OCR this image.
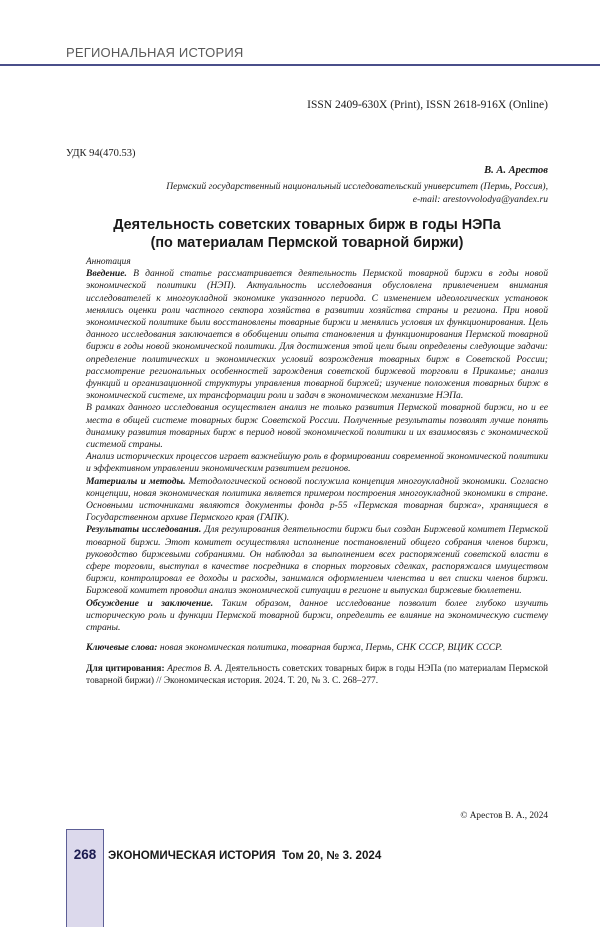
РЕГИОНАЛЬНАЯ ИСТОРИЯ
ISSN 2409-630X (Print), ISSN 2618-916X (Online)
УДК 94(470.53)
В. А. Арестов
Пермский государственный национальный исследовательский университет (Пермь, Россия),
e-mail: arestovvolodya@yandex.ru
Деятельность советских товарных бирж в годы НЭПа
(по материалам Пермской товарной биржи)
Аннотация

Введение. В данной статье рассматривается деятельность Пермской товарной биржи в годы новой экономической политики (НЭП). Актуальность исследования обусловлена привлечением внимания исследователей к многоукладной экономике указанного периода. С изменением идеологических установок менялись оценки роли частного сектора хозяйства в развитии хозяйства страны и региона. При новой экономической политике были восстановлены товарные биржи и менялись условия их функционирования. Цель данного исследования заключается в обобщении опыта становления и функционирования Пермской товарной биржи в годы новой экономической политики. Для достижения этой цели были определены следующие задачи: определение политических и экономических условий возрождения товарных бирж в Советской России; рассмотрение региональных особенностей зарождения советской биржевой торговли в Прикамье; анализ функций и организационной структуры управления товарной биржей; изучение положения товарных бирж в экономической системе, их трансформации роли и задач в экономическом механизме НЭПа.

В рамках данного исследования осуществлен анализ не только развития Пермской товарной биржи, но и ее места в общей системе товарных бирж Советской России. Полученные результаты позволят лучше понять динамику развития товарных бирж в период новой экономической политики и их взаимосвязь с экономической системой страны.

Анализ исторических процессов играет важнейшую роль в формировании современной экономической политики и эффективном управлении экономическим развитием регионов.

Материалы и методы. Методологической основой послужила концепция многоукладной экономики. Согласно концепции, новая экономическая политика является примером построения многоукладной экономики в стране. Основными источниками являются документы фонда р-55 «Пермская товарная биржа», хранящиеся в Государственном архиве Пермского края (ГАПК).

Результаты исследования. Для регулирования деятельности биржи был создан Биржевой комитет Пермской товарной биржи. Этот комитет осуществлял исполнение постановлений общего собрания членов биржи, руководство биржевыми собраниями. Он наблюдал за выполнением всех распоряжений советской власти в сфере торговли, выступал в качестве посредника в спорных торговых сделках, распоряжался имуществом биржи, контролировал ее доходы и расходы, занимался оформлением членства и вел списки членов биржи. Биржевой комитет проводил анализ экономической ситуации в регионе и выпускал биржевые бюллетени.

Обсуждение и заключение. Таким образом, данное исследование позволит более глубоко изучить историческую роль и функции Пермской товарной биржи, определить ее влияние на экономическую систему страны.

Ключевые слова: новая экономическая политика, товарная биржа, Пермь, СНК СССР, ВЦИК СССР.

Для цитирования: Арестов В. А. Деятельность советских товарных бирж в годы НЭПа (по материалам Пермской товарной биржи) // Экономическая история. 2024. Т. 20, № 3. С. 268–277.

© Арестов В. А., 2024
268	ЭКОНОМИЧЕСКАЯ ИСТОРИЯ  Том 20, № 3. 2024
